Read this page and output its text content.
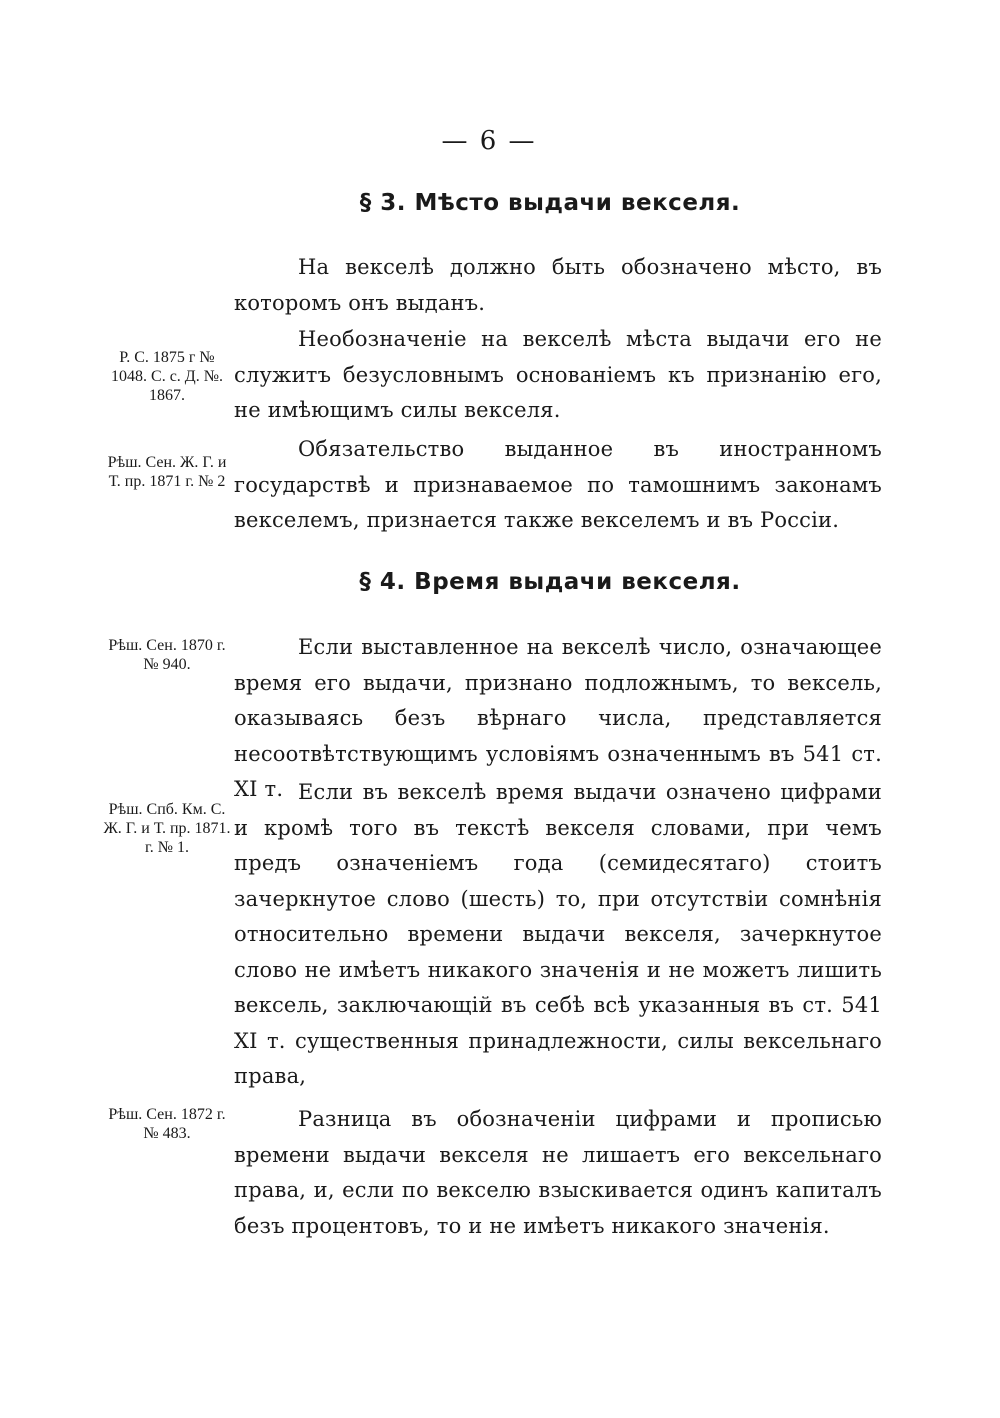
— 6 —
§ 3. Мѣсто выдачи векселя.
На векселѣ должно быть обозначено мѣсто, въ которомъ онъ выданъ.
Р. С. 1875 г № 1048. С. с. Д. №. 1867.
Необозначеніе на векселѣ мѣста выдачи его не служитъ безусловнымъ основаніемъ къ признанію его, не имѣющимъ силы векселя.
Рѣш. Сен. Ж. Г. и Т. пр. 1871 г. № 2
Обязательство выданное въ иностранномъ государствѣ и признаваемое по тамошнимъ законамъ векселемъ, признается также векселемъ и въ Россіи.
§ 4. Время выдачи векселя.
Рѣш. Сен. 1870 г. № 940.
Если выставленное на векселѣ число, означающее время его выдачи, признано подложнымъ, то вексель, оказываясь безъ вѣрнаго числа, представляется несоотвѣтствующимъ условіямъ означеннымъ въ 541 ст. XI т.
Рѣш. Спб. Км. С. Ж. Г. и Т. пр. 1871. г. № 1.
Если въ векселѣ время выдачи означено цифрами и кромѣ того въ текстѣ векселя словами, при чемъ предъ означеніемъ года (семидесятаго) стоитъ зачеркнутое слово (шесть) то, при отсутствіи сомнѣнія относительно времени выдачи векселя, зачеркнутое слово не имѣетъ никакого значенія и не можетъ лишить вексель, заключающій въ себѣ всѣ указанныя въ ст. 541 XI т. существенныя принадлежности, силы вексельнаго права,
Рѣш. Сен. 1872 г. № 483.
Разница въ обозначеніи цифрами и прописью времени выдачи векселя не лишаетъ его вексельнаго права, и, если по векселю взыскивается одинъ капиталъ безъ процентовъ, то и не имѣетъ никакого значенія.
